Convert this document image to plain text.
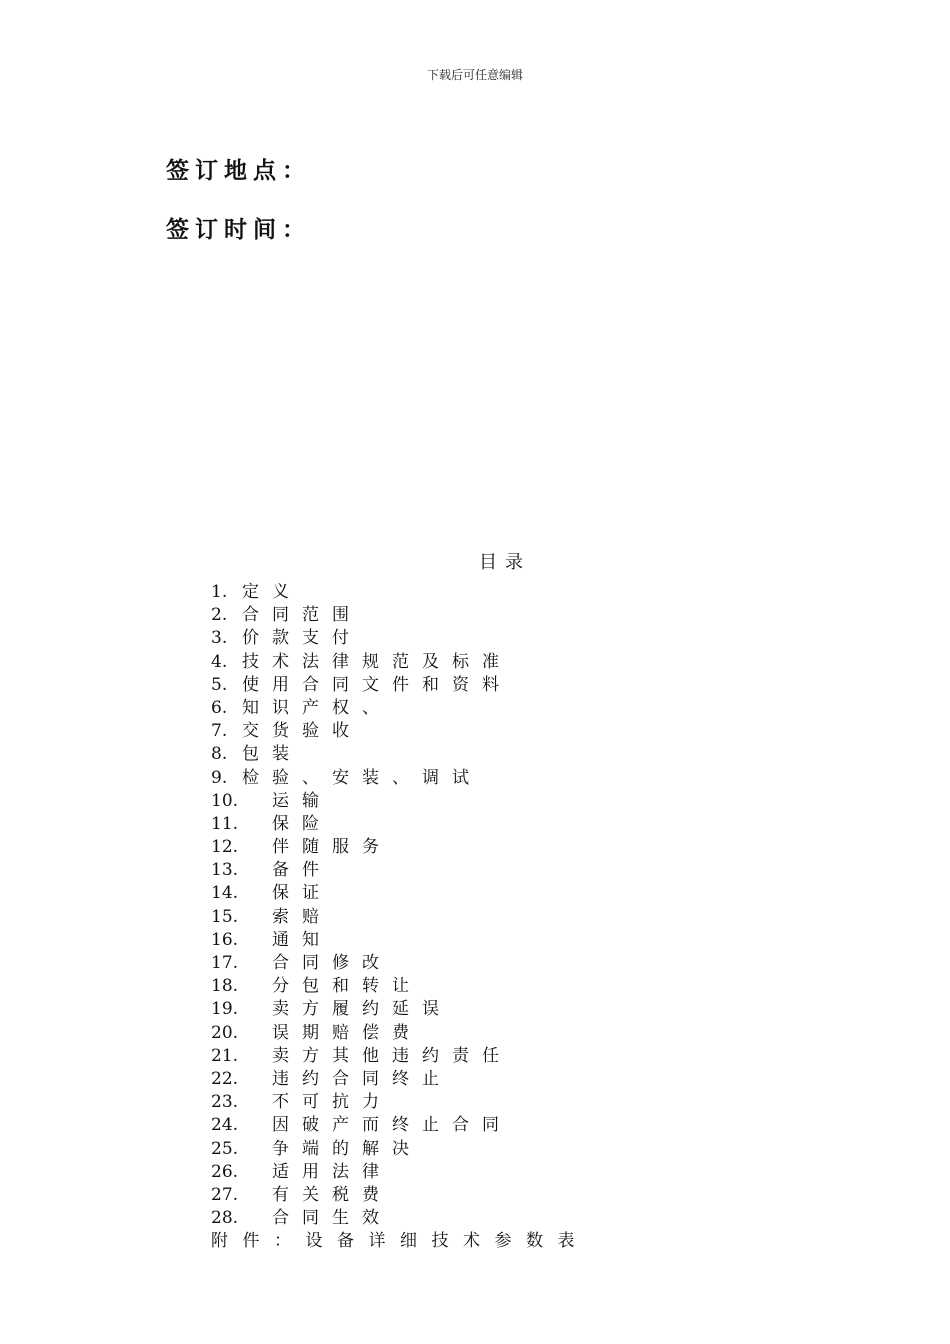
下载后可任意编辑
签订地点：
签订时间：
目录
1. 定义
2. 合同范围
3. 价款支付
4. 技术法律规范及标准
5. 使用合同文件和资料
6. 知识产权、
7. 交货验收
8. 包装
9. 检验、安装、调试
10.	运输
11.	保险
12.	伴随服务
13.	备件
14.	保证
15.	索赔
16.	通知
17.	合同修改
18.	分包和转让
19.	卖方履约延误
20.	误期赔偿费
21.	卖方其他违约责任
22.	违约合同终止
23.	不可抗力
24.	因破产而终止合同
25.	争端的解决
26.	适用法律
27.	有关税费
28.	合同生效
附件：设备详细技术参数表
